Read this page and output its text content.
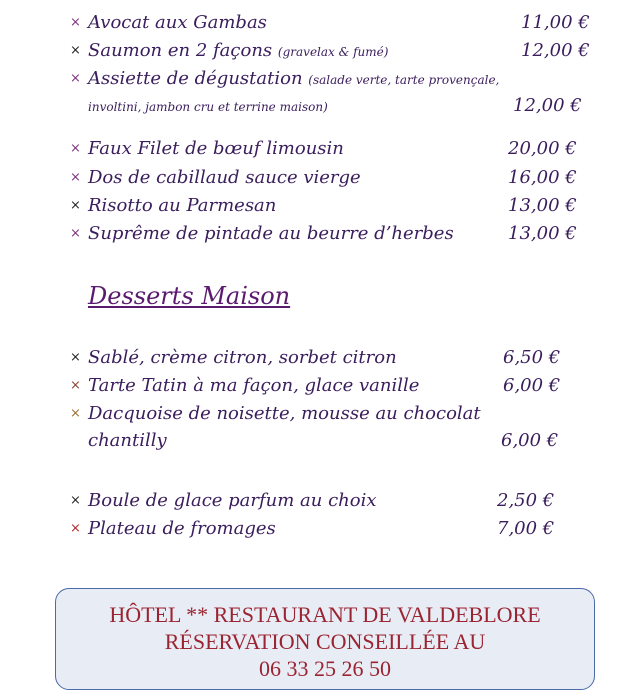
× Avocat aux Gambas	11,00 €
× Saumon en 2 façons (gravelax & fumé)	12,00 €
× Assiette de dégustation (salade verte, tarte provençale,
involtini, jambon cru et terrine maison)	12,00 €
× Faux Filet de bœuf limousin	20,00 €
× Dos de cabillaud sauce vierge	16,00 €
× Risotto au Parmesan	13,00 €
× Suprême de pintade au beurre d’herbes	13,00 €
Desserts Maison
× Sablé, crème citron, sorbet citron	6,50 €
× Tarte Tatin à ma façon, glace vanille	6,00 €
× Dacquoise de noisette, mousse au chocolat
chantilly	6,00 €
× Boule de glace parfum au choix	2,50 €
× Plateau de fromages	7,00 €
HÔTEL ** RESTAURANT DE VALDEBLORE
RÉSERVATION CONSEILLÉE AU
06 33 25 26 50
